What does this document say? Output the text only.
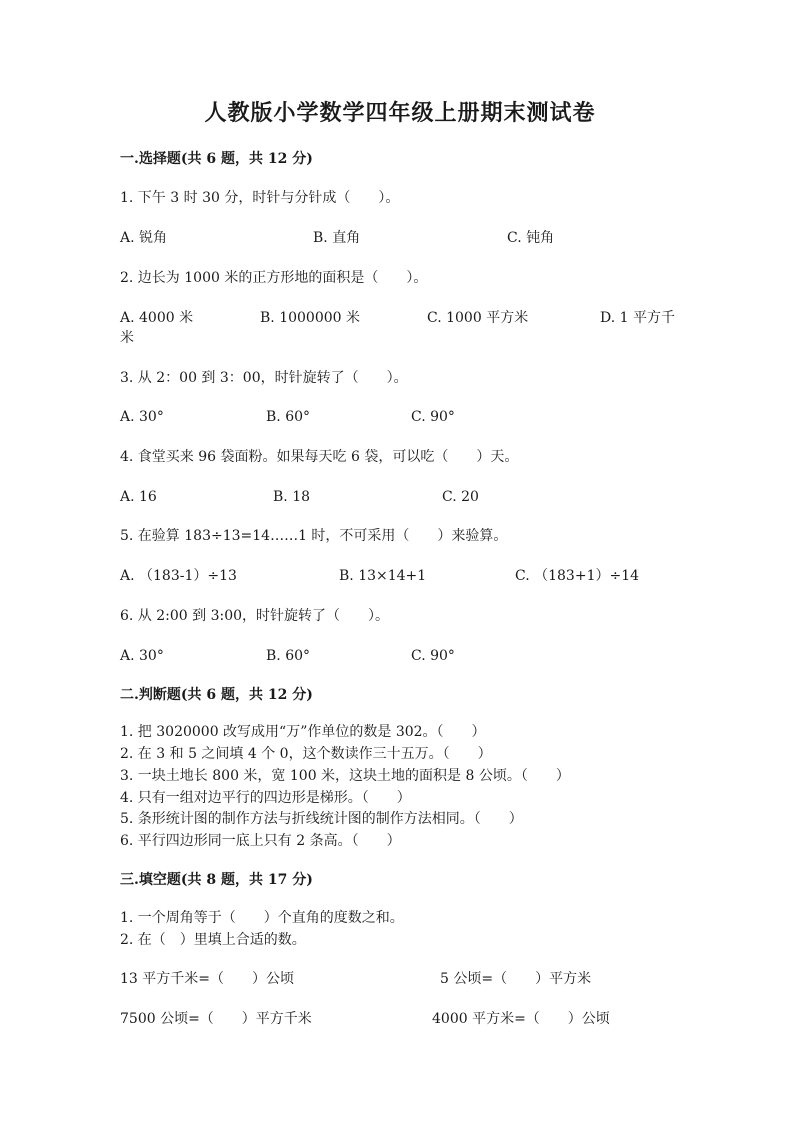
人教版小学数学四年级上册期末测试卷
一.选择题(共 6 题，共 12 分)
1. 下午 3 时 30 分，时针与分针成（　　）。
A. 锐角	B. 直角	C. 钝角
2. 边长为 1000 米的正方形地的面积是（　　）。
A. 4000 米	B. 1000000 米	C. 1000 平方米	D. 1 平方千
米
3. 从 2：00 到 3：00，时针旋转了（　　）。
A. 30°	B. 60°	C. 90°
4. 食堂买来 96 袋面粉。如果每天吃 6 袋，可以吃（　　）天。
A. 16	B. 18	C. 20
5. 在验算 183÷13=14……1 时，不可采用（　　）来验算。
A. （183-1）÷13	B. 13×14+1	C. （183+1）÷14
6. 从 2:00 到 3:00，时针旋转了（　　）。
A. 30°	B. 60°	C. 90°
二.判断题(共 6 题，共 12 分)
1. 把 3020000 改写成用“万”作单位的数是 302。（　　）
2. 在 3 和 5 之间填 4 个 0，这个数读作三十五万。（　　）
3. 一块土地长 800 米，宽 100 米，这块土地的面积是 8 公顷。（　　）
4. 只有一组对边平行的四边形是梯形。（　　）
5. 条形统计图的制作方法与折线统计图的制作方法相同。（　　）
6. 平行四边形同一底上只有 2 条高。（　　）
三.填空题(共 8 题，共 17 分)
1. 一个周角等于（　　）个直角的度数之和。
2. 在（　）里填上合适的数。
13 平方千米=（　　）公顷	5 公顷=（　　）平方米
7500 公顷=（　　）平方千米	4000 平方米=（　　）公顷
